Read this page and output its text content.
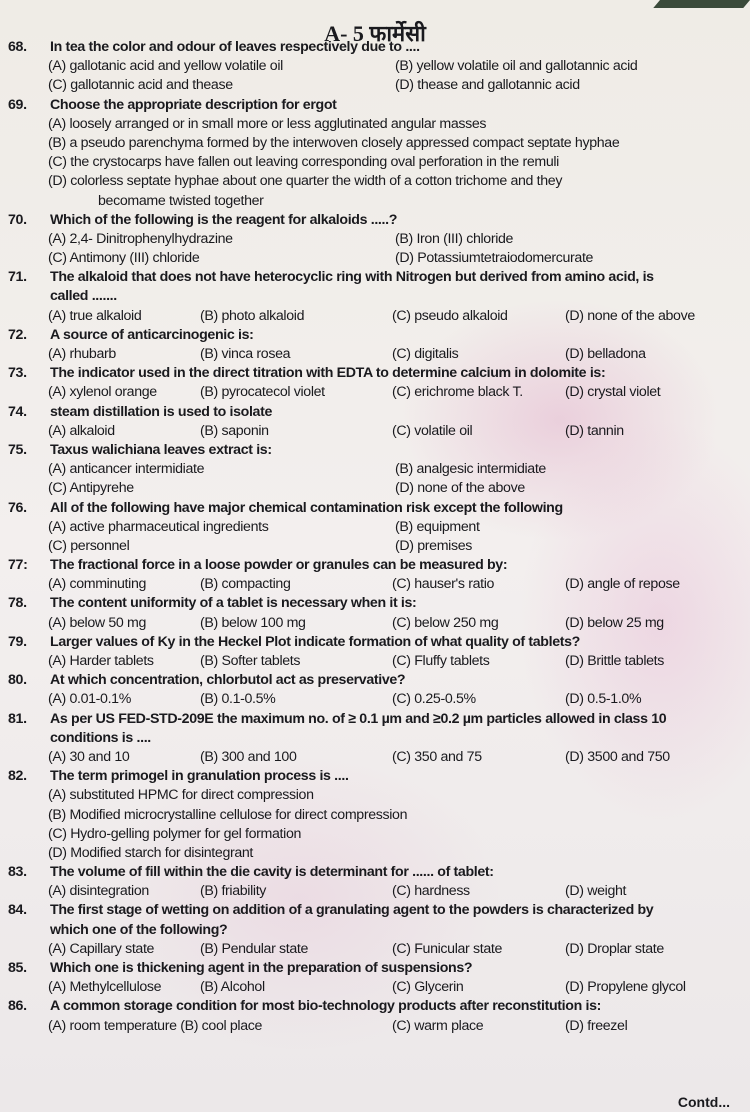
A- 5 फार्मेसी
68. In tea the color and odour of leaves respectively due to ....
(A) gallotanic acid and yellow volatile oil	(B) yellow volatile oil and gallotannic acid
(C) gallotannic acid and thease	(D) thease and gallotannic acid
69. Choose the appropriate description for ergot
(A) loosely arranged or in small more or less agglutinated angular masses
(B) a pseudo parenchyma formed by the interwoven closely appressed compact septate hyphae
(C) the crystocarps have fallen out leaving corresponding oval perforation in the remuli
(D) colorless septate hyphae about one quarter the width of a cotton trichome and they
becomame twisted together
70. Which of the following is the reagent for alkaloids .....?
(A) 2,4- Dinitrophenylhydrazine	(B) Iron (III) chloride
(C) Antimony (III) chloride	(D) Potassiumtetraiodomercurate
71. The alkaloid that does not have heterocyclic ring with Nitrogen but derived from amino acid, is
called .......
(A) true alkaloid	(B) photo alkaloid	(C) pseudo alkaloid	(D) none of the above
72. A source of anticarcinogenic is:
(A) rhubarb	(B) vinca rosea	(C) digitalis	(D) belladona
73. The indicator used in the direct titration with EDTA to determine calcium in dolomite is:
(A) xylenol orange	(B) pyrocatecol violet	(C) erichrome black T.	(D) crystal violet
74. steam distillation is used to isolate
(A) alkaloid	(B) saponin	(C) volatile oil	(D) tannin
75. Taxus walichiana leaves extract is:
(A) anticancer intermidiate	(B) analgesic intermidiate
(C) Antipyrehe	(D) none of the above
76. All of the following have major chemical contamination risk except the following
(A) active pharmaceutical ingredients	(B) equipment
(C) personnel	(D) premises
77: The fractional force in a loose powder or granules can be measured by:
(A) comminuting	(B) compacting	(C) hauser's ratio	(D) angle of repose
78. The content uniformity of a tablet is necessary when it is:
(A) below 50 mg	(B) below 100 mg	(C) below 250 mg	(D) below 25 mg
79. Larger values of Ky in the Heckel Plot indicate formation of what quality of tablets?
(A) Harder tablets	(B) Softer tablets	(C) Fluffy tablets	(D) Brittle tablets
80. At which concentration, chlorbutol act as preservative?
(A) 0.01-0.1%	(B) 0.1-0.5%	(C) 0.25-0.5%	(D) 0.5-1.0%
81. As per US FED-STD-209E the maximum no. of ≥ 0.1 µm and ≥0.2 µm particles allowed in class 10
conditions is ....
(A) 30 and 10	(B) 300 and 100	(C) 350 and 75	(D) 3500 and 750
82. The term primogel in granulation process is ....
(A) substituted HPMC for direct compression
(B) Modified microcrystalline cellulose for direct compression
(C) Hydro-gelling polymer for gel formation
(D) Modified starch for disintegrant
83. The volume of fill within the die cavity is determinant for ...... of tablet:
(A) disintegration	(B) friability	(C) hardness	(D) weight
84. The first stage of wetting on addition of a granulating agent to the powders is characterized by
which one of the following?
(A) Capillary state	(B) Pendular state	(C) Funicular state	(D) Droplar state
85. Which one is thickening agent in the preparation of suspensions?
(A) Methylcellulose	(B) Alcohol	(C) Glycerin	(D) Propylene glycol
86. A common storage condition for most bio-technology products after reconstitution is:
(A) room temperature (B) cool place	(C) warm place	(D) freezel
Contd...
